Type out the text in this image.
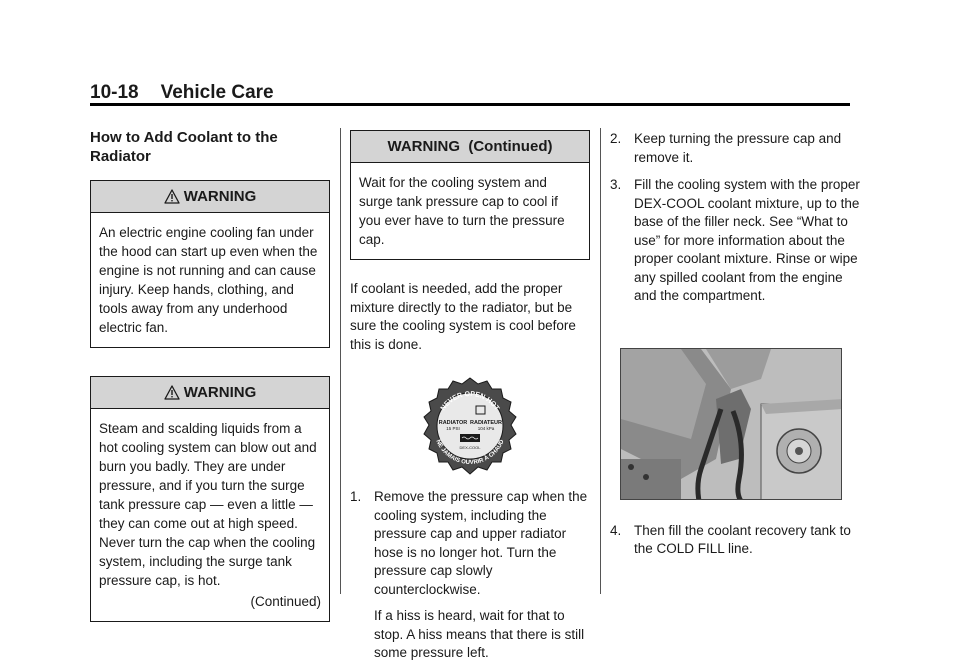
10-18 Vehicle Care
How to Add Coolant to the Radiator
WARNING
An electric engine cooling fan under the hood can start up even when the engine is not running and can cause injury. Keep hands, clothing, and tools away from any underhood electric fan.
WARNING
Steam and scalding liquids from a hot cooling system can blow out and burn you badly. They are under pressure, and if you turn the surge tank pressure cap — even a little — they can come out at high speed. Never turn the cap when the cooling system, including the surge tank pressure cap, is hot.
(Continued)
WARNING  (Continued)
Wait for the cooling system and surge tank pressure cap to cool if you ever have to turn the pressure cap.

If coolant is needed, add the proper mixture directly to the radiator, but be sure the cooling system is cool before this is done.

NEVER OPEN HOT
NE JAMAIS OUVRIR À CHAUD
RADIATOR
15 PSI
RADIATEUR
104 kPa
DEX-COOL
1. Remove the pressure cap when the cooling system, including the pressure cap and upper radiator hose is no longer hot. Turn the pressure cap slowly counterclockwise.

If a hiss is heard, wait for that to stop. A hiss means that there is still some pressure left.

2. Keep turning the pressure cap and remove it.
3. Fill the cooling system with the proper DEX-COOL coolant mixture, up to the base of the filler neck. See “What to use” for more information about the proper coolant mixture. Rinse or wipe any spilled coolant from the engine and the compartment.
4. Then fill the coolant recovery tank to the COLD FILL line.
